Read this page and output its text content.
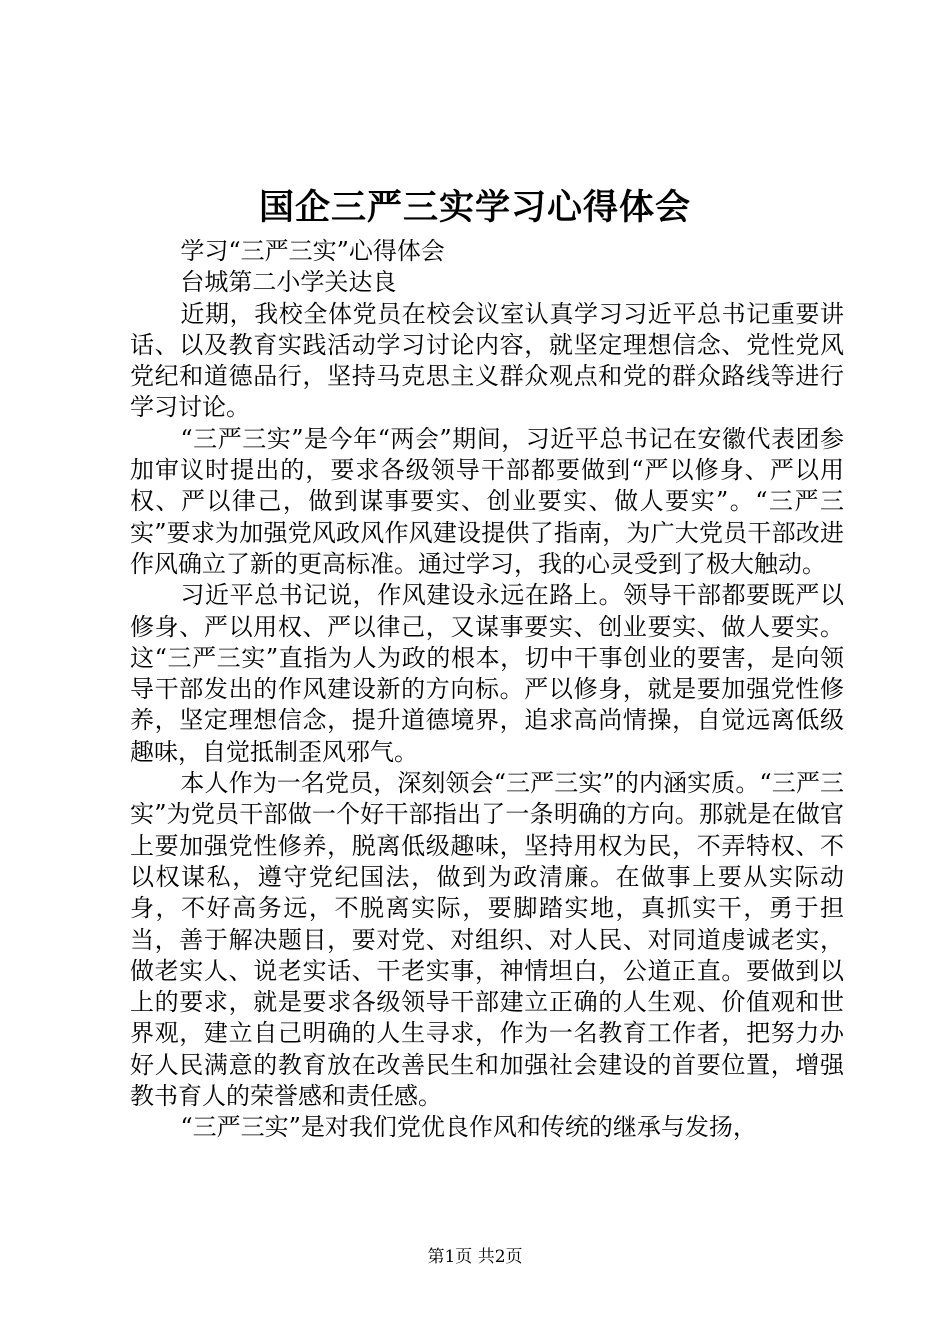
国企三严三实学习心得体会

学习“三严三实”心得体会

台城第二小学关达良

近期，我校全体党员在校会议室认真学习习近平总书记重要讲话、以及教育实践活动学习讨论内容，就坚定理想信念、党性党风党纪和道德品行，坚持马克思主义群众观点和党的群众路线等进行学习讨论。

“三严三实”是今年“两会”期间，习近平总书记在安徽代表团参加审议时提出的，要求各级领导干部都要做到“严以修身、严以用权、严以律己，做到谋事要实、创业要实、做人要实”。“三严三实”要求为加强党风政风作风建设提供了指南，为广大党员干部改进作风确立了新的更高标准。通过学习，我的心灵受到了极大触动。

习近平总书记说，作风建设永远在路上。领导干部都要既严以修身、严以用权、严以律己，又谋事要实、创业要实、做人要实。这“三严三实”直指为人为政的根本，切中干事创业的要害，是向领导干部发出的作风建设新的方向标。严以修身，就是要加强党性修养，坚定理想信念，提升道德境界，追求高尚情操，自觉远离低级趣味，自觉抵制歪风邪气。

本人作为一名党员，深刻领会“三严三实”的内涵实质。“三严三实”为党员干部做一个好干部指出了一条明确的方向。那就是在做官上要加强党性修养，脱离低级趣味，坚持用权为民，不弄特权、不以权谋私，遵守党纪国法，做到为政清廉。在做事上要从实际动身，不好高务远，不脱离实际，要脚踏实地，真抓实干，勇于担当，善于解决题目，要对党、对组织、对人民、对同道虔诚老实，做老实人、说老实话、干老实事，神情坦白，公道正直。要做到以上的要求，就是要求各级领导干部建立正确的人生观、价值观和世界观，建立自己明确的人生寻求，作为一名教育工作者，把努力办好人民满意的教育放在改善民生和加强社会建设的首要位置，增强教书育人的荣誉感和责任感。

“三严三实”是对我们党优良作风和传统的继承与发扬，

第1页 共2页
